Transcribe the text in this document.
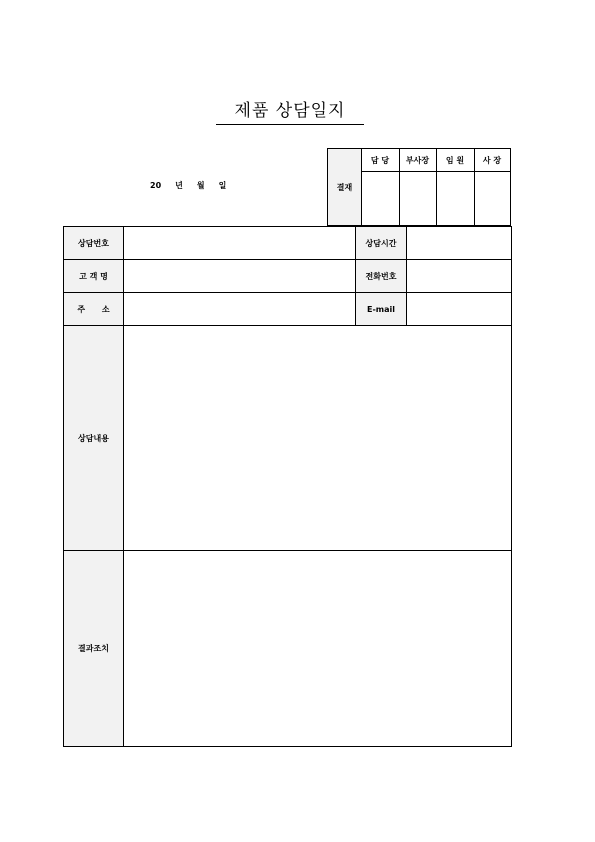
제품 상담일지
20 년 월 일	결재
담 당	부사장	임 원	사 장
상담번호	상담시간
고 객 명	전화번호
주      소	E-mail
상담내용
결과조치
